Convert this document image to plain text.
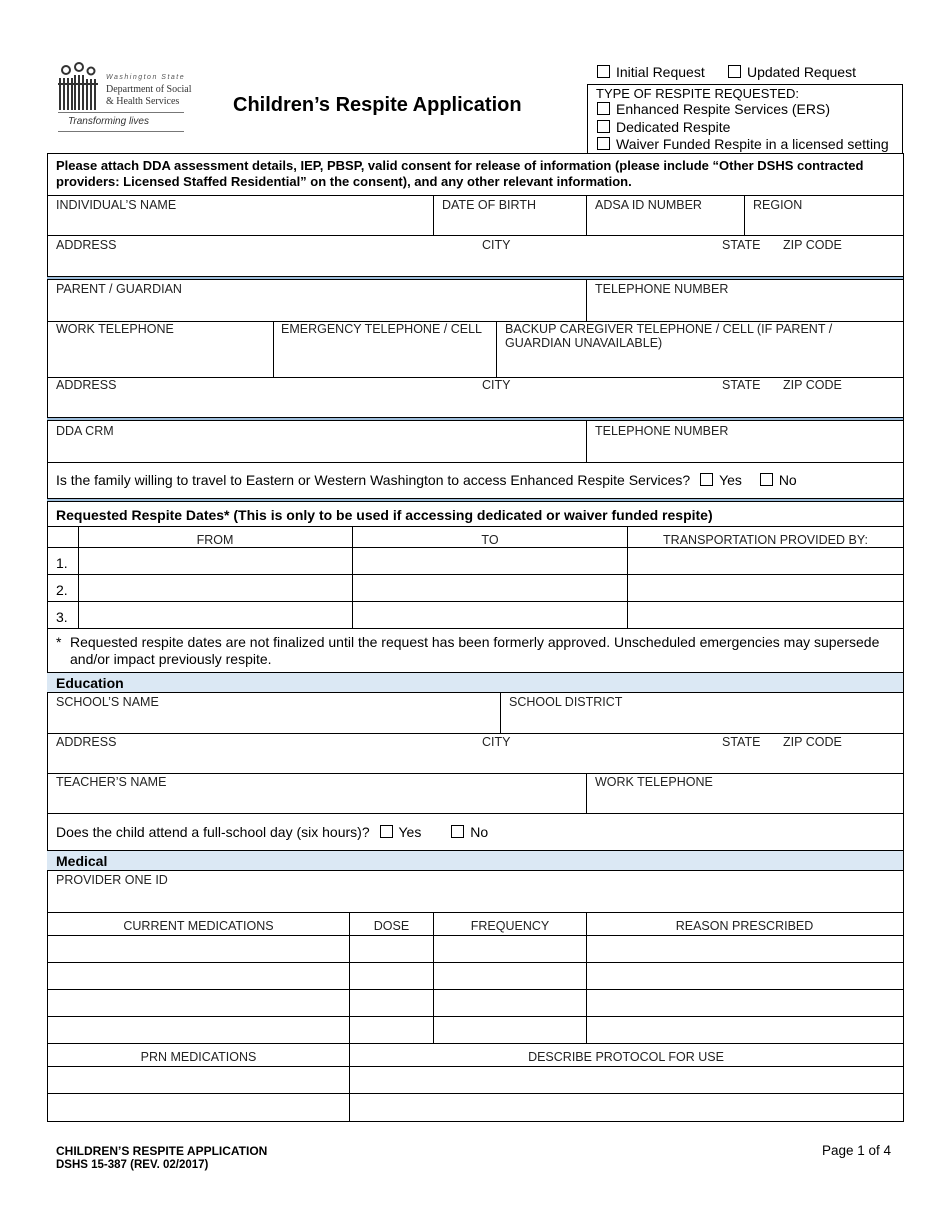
Washington State
Department of Social
& Health Services
Transforming lives
Children’s Respite Application
Initial Request	Updated Request
TYPE OF RESPITE REQUESTED:
Enhanced Respite Services (ERS)
Dedicated Respite
Waiver Funded Respite in a licensed setting
Please attach DDA assessment details, IEP, PBSP, valid consent for release of information (please include “Other DSHS contracted providers: Licensed Staffed Residential” on the consent), and any other relevant information.
INDIVIDUAL’S NAME	DATE OF BIRTH	ADSA ID NUMBER	REGION
ADDRESS	CITY	STATE ZIP CODE
PARENT / GUARDIAN	TELEPHONE NUMBER
WORK TELEPHONE	EMERGENCY TELEPHONE / CELL BACKUP CAREGIVER TELEPHONE / CELL (IF PARENT / GUARDIAN UNAVAILABLE)
ADDRESS	CITY	STATE ZIP CODE
DDA CRM	TELEPHONE NUMBER
Is the family willing to travel to Eastern or Western Washington to access Enhanced Respite Services? Yes	No
Requested Respite Dates* (This is only to be used if accessing dedicated or waiver funded respite)
FROM	TO	TRANSPORTATION PROVIDED BY:
1.
2.
3.
* Requested respite dates are not finalized until the request has been formerly approved. Unscheduled emergencies may supersede and/or impact previously respite.
Education
SCHOOL’S NAME	SCHOOL DISTRICT
ADDRESS	CITY	STATE ZIP CODE
TEACHER’S NAME	WORK TELEPHONE
Does the child attend a full-school day (six hours)? Yes	No
Medical
PROVIDER ONE ID
CURRENT MEDICATIONS	DOSE	FREQUENCY	REASON PRESCRIBED
PRN MEDICATIONS	DESCRIBE PROTOCOL FOR USE
CHILDREN’S RESPITE APPLICATION
DSHS 15-387 (REV. 02/2017)
Page 1 of 4
